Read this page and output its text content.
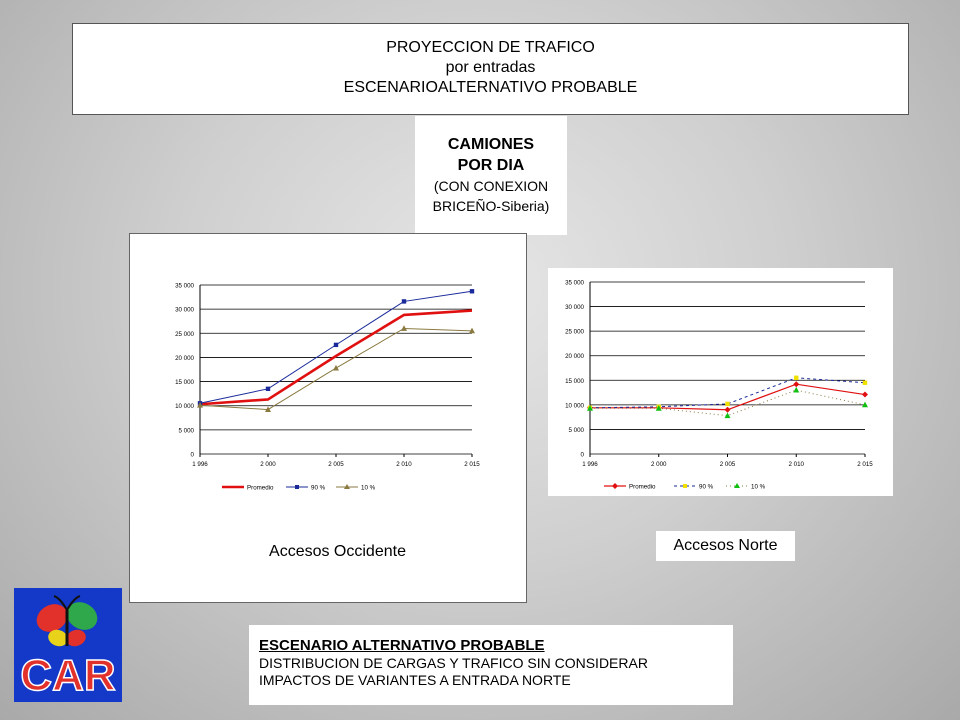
PROYECCION DE TRAFICO
por entradas
ESCENARIOALTERNATIVO PROBABLE
CAMIONES
POR DIA
(CON CONEXION
BRICEÑO-Siberia)
0
5 000
10 000
15 000
20 000
25 000
30 000
35 000
1 996	2 000	2 005	2 010	2 015
Promedio	90 %	10 %
Accesos Occidente
0
5 000
10 000
15 000
20 000
25 000
30 000
35 000
1 996	2 000	2 005	2 010	2 015
Promedio	90 %	10 %
Accesos Norte
CAR
ESCENARIO ALTERNATIVO PROBABLE
DISTRIBUCION DE CARGAS Y TRAFICO SIN CONSIDERAR
IMPACTOS DE VARIANTES A ENTRADA NORTE
